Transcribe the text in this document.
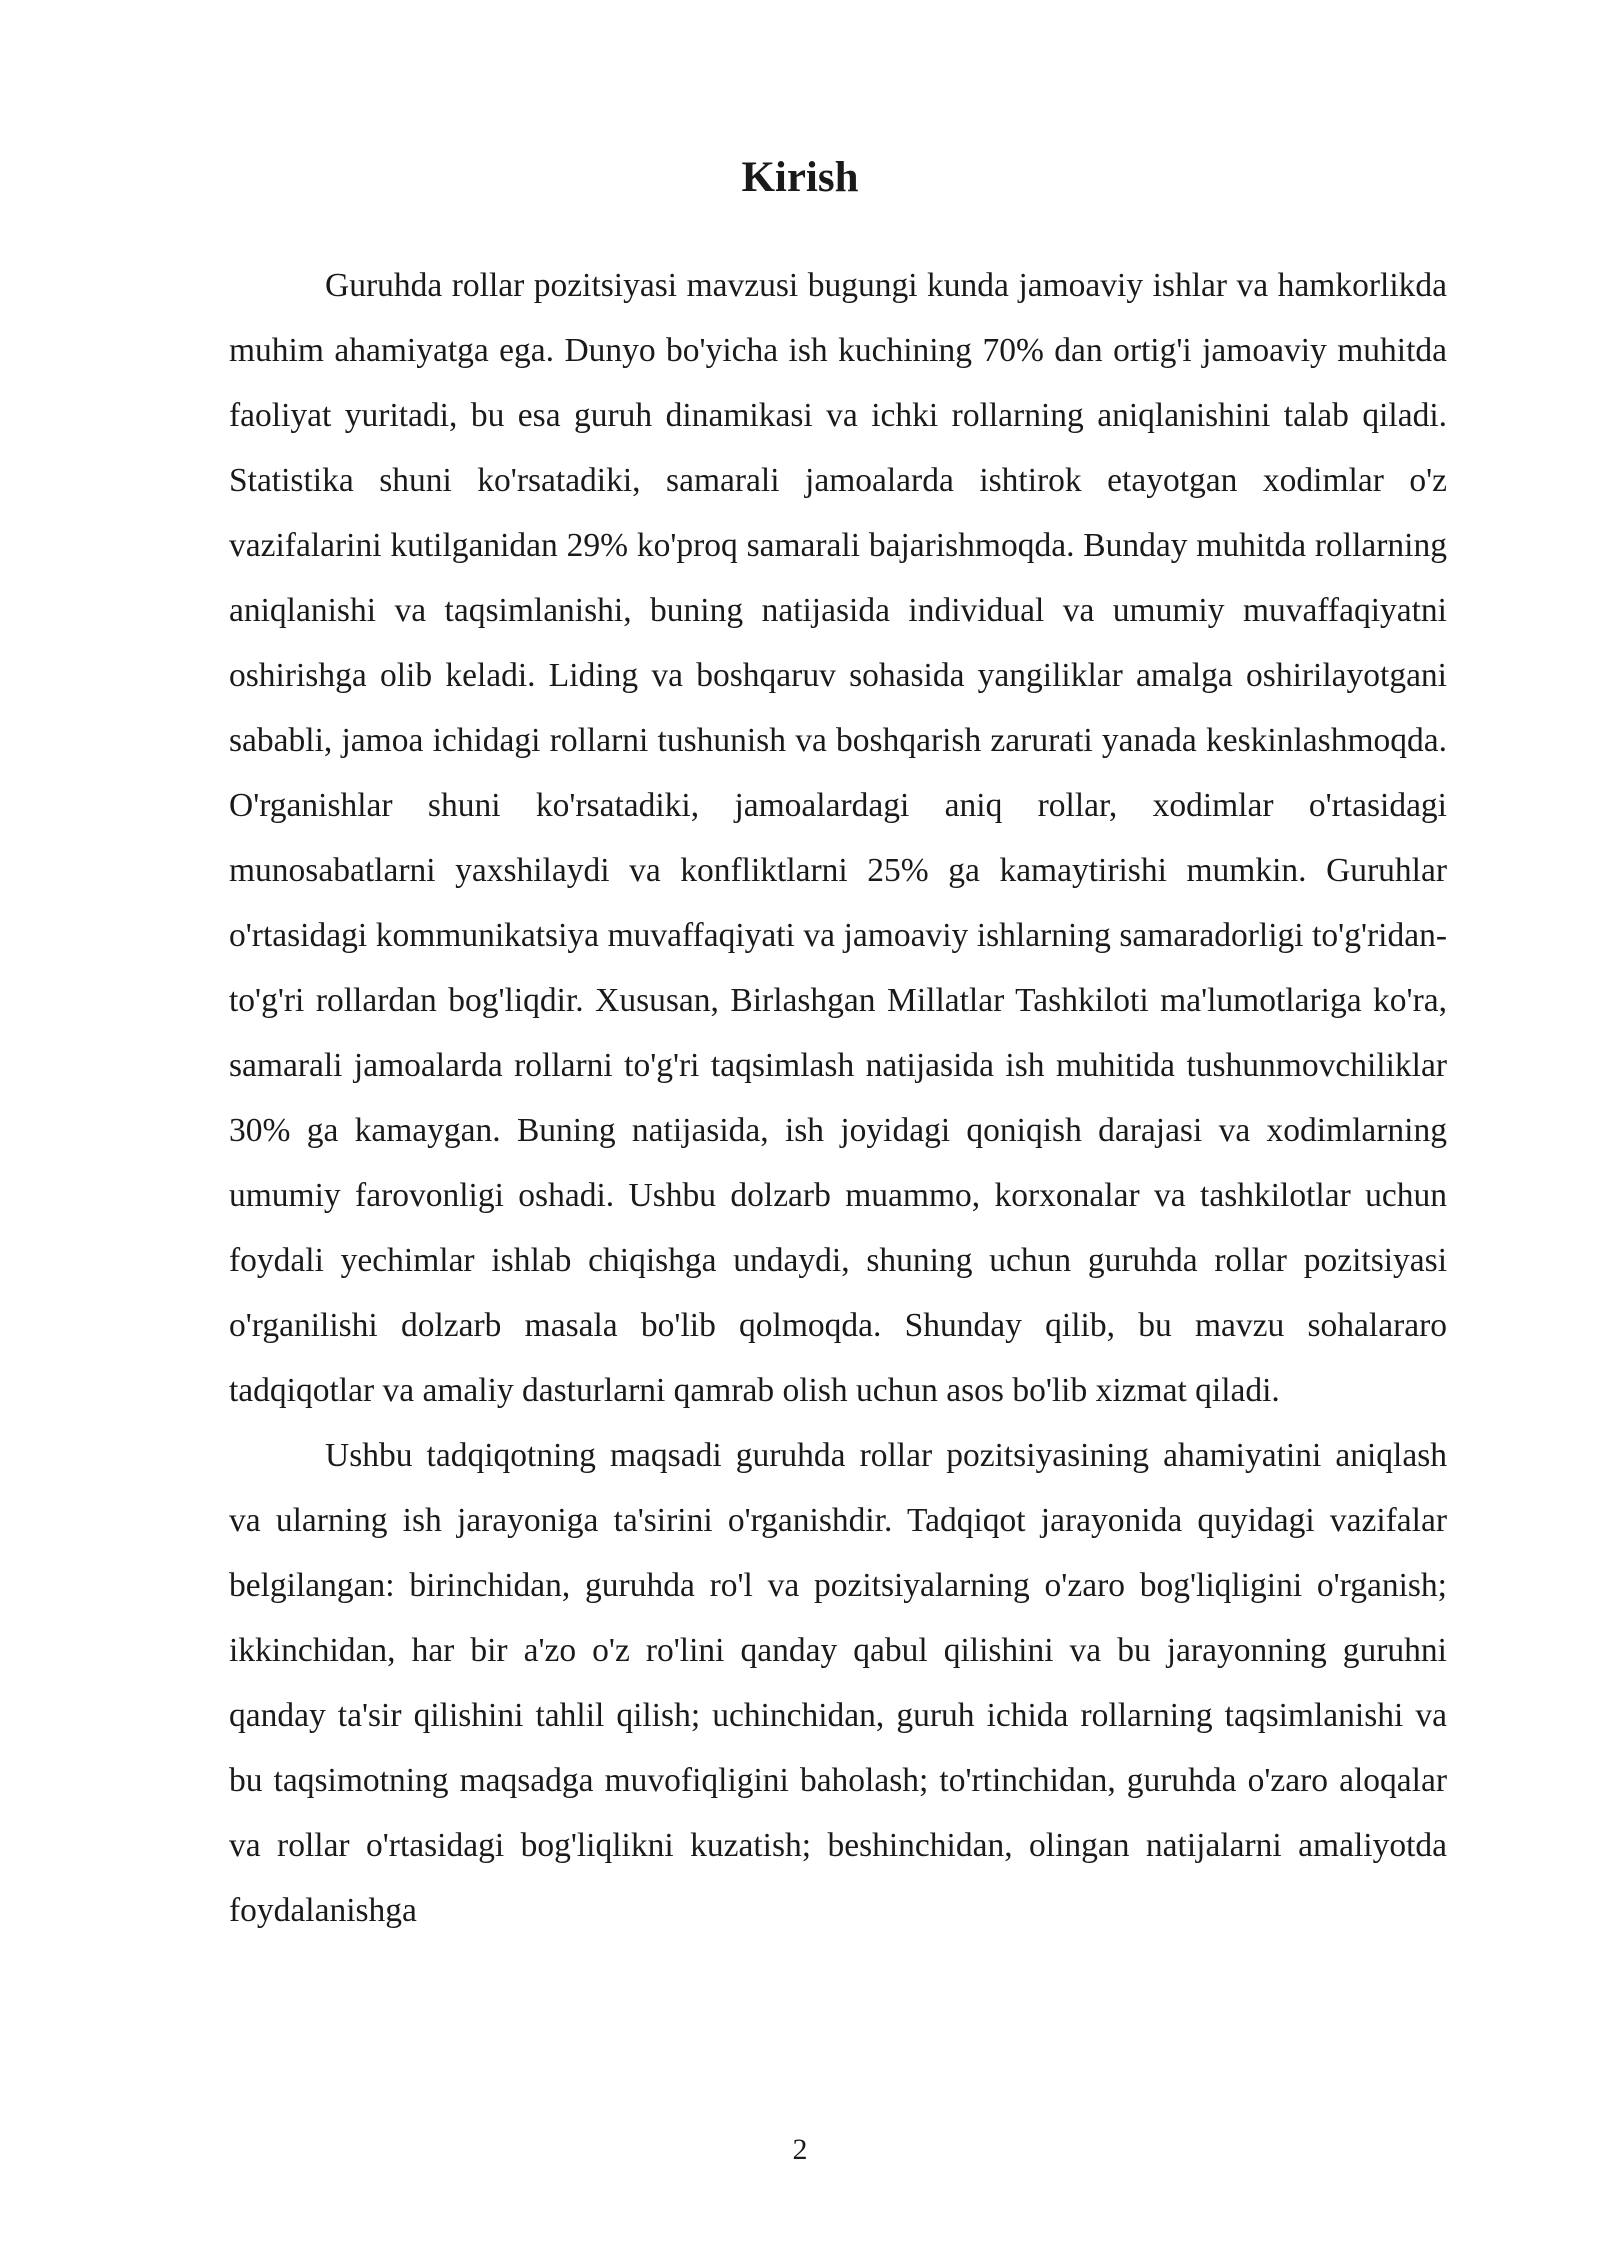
Kirish

Guruhda rollar pozitsiyasi mavzusi bugungi kunda jamoaviy ishlar va hamkorlikda muhim ahamiyatga ega. Dunyo bo'yicha ish kuchining 70% dan ortig'i jamoaviy muhitda faoliyat yuritadi, bu esa guruh dinamikasi va ichki rollarning aniqlanishini talab qiladi. Statistika shuni ko'rsatadiki, samarali jamoalarda ishtirok etayotgan xodimlar o'z vazifalarini kutilganidan 29% ko'proq samarali bajarishmoqda. Bunday muhitda rollarning aniqlanishi va taqsimlanishi, buning natijasida individual va umumiy muvaffaqiyatni oshirishga olib keladi. Liding va boshqaruv sohasida yangiliklar amalga oshirilayotgani sababli, jamoa ichidagi rollarni tushunish va boshqarish zarurati yanada keskinlashmoqda. O'rganishlar shuni ko'rsatadiki, jamoalardagi aniq rollar, xodimlar o'rtasidagi munosabatlarni yaxshilaydi va konfliktlarni 25% ga kamaytirishi mumkin. Guruhlar o'rtasidagi kommunikatsiya muvaffaqiyati va jamoaviy ishlarning samaradorligi to'g'ridan-to'g'ri rollardan bog'liqdir. Xususan, Birlashgan Millatlar Tashkiloti ma'lumotlariga ko'ra, samarali jamoalarda rollarni to'g'ri taqsimlash natijasida ish muhitida tushunmovchiliklar 30% ga kamaygan. Buning natijasida, ish joyidagi qoniqish darajasi va xodimlarning umumiy farovonligi oshadi. Ushbu dolzarb muammo, korxonalar va tashkilotlar uchun foydali yechimlar ishlab chiqishga undaydi, shuning uchun guruhda rollar pozitsiyasi o'rganilishi dolzarb masala bo'lib qolmoqda. Shunday qilib, bu mavzu sohalararo tadqiqotlar va amaliy dasturlarni qamrab olish uchun asos bo'lib xizmat qiladi.

Ushbu tadqiqotning maqsadi guruhda rollar pozitsiyasining ahamiyatini aniqlash va ularning ish jarayoniga ta'sirini o'rganishdir. Tadqiqot jarayonida quyidagi vazifalar belgilangan: birinchidan, guruhda ro'l va pozitsiyalarning o'zaro bog'liqligini o'rganish; ikkinchidan, har bir a'zo o'z ro'lini qanday qabul qilishini va bu jarayonning guruhni qanday ta'sir qilishini tahlil qilish; uchinchidan, guruh ichida rollarning taqsimlanishi va bu taqsimotning maqsadga muvofiqligini baholash; to'rtinchidan, guruhda o'zaro aloqalar va rollar o'rtasidagi bog'liqlikni kuzatish; beshinchidan, olingan natijalarni amaliyotda foydalanishga

2
